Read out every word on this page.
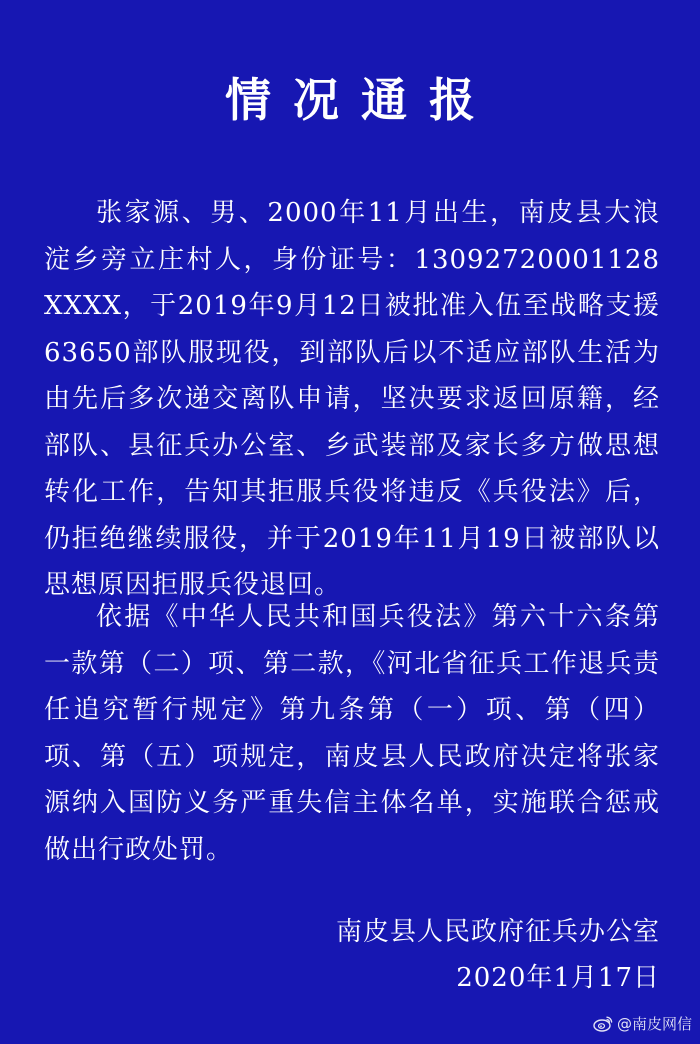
情况通报
张家源、男、2000年11月出生，南皮县大浪淀乡旁立庄村人，身份证号：13092720001128XXXX，于2019年9月12日被批准入伍至战略支援63650部队服现役，到部队后以不适应部队生活为由先后多次递交离队申请，坚决要求返回原籍，经部队、县征兵办公室、乡武装部及家长多方做思想转化工作，告知其拒服兵役将违反《兵役法》后，仍拒绝继续服役，并于2019年11月19日被部队以思想原因拒服兵役退回。
依据《中华人民共和国兵役法》第六十六条第一款第（二）项、第二款，《河北省征兵工作退兵责任追究暂行规定》第九条第（一）项、第（四）项、第（五）项规定，南皮县人民政府决定将张家源纳入国防义务严重失信主体名单，实施联合惩戒做出行政处罚。
南皮县人民政府征兵办公室
2020年1月17日
@南皮网信
